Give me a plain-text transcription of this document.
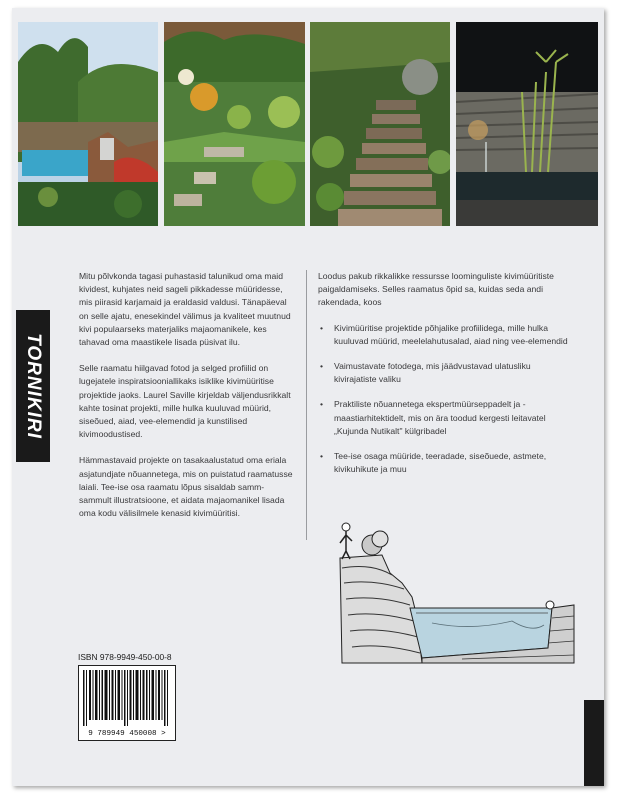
TORNIKIRI

Mitu põlvkonda tagasi puhastasid talunikud oma maid kividest, kuhjates neid sageli pikkadesse müüridesse, mis piirasid karjamaid ja eraldasid valdusi. Tänapäeval on selle ajatu, enesekindel välimus ja kvaliteet muutnud kivi populaarseks materjaliks majaomanikele, kes tahavad oma maastikele lisada püsivat ilu.

Selle raamatu hiilgavad fotod ja selged profiilid on lugejatele inspiratsiooniallikaks isiklike kivimüüritise projektide jaoks. Laurel Saville kirjeldab väljendusrikkalt kahte tosinat projekti, mille hulka kuuluvad müürid, siseõued, aiad, vee-elemendid ja kunstilised kivimoodustised.

Hämmastavaid projekte on tasakaalustatud oma eriala asjatundjate nõuannetega, mis on puistatud raamatusse laiali. Tee-ise osa raamatu lõpus sisaldab samm-sammult illustratsioone, et aidata majaomanikel lisada oma kodu välisilmele kenasid kivimüüritisi.

Loodus pakub rikkalikke ressursse loominguliste kivimüüritiste paigaldamiseks. Selles raamatus õpid sa, kuidas seda andi rakendada, koos

• Kivimüüritise projektide põhjalike profiilidega, mille hulka kuuluvad müürid, meelelahutusalad, aiad ning vee-elemendid
• Vaimustavate fotodega, mis jäädvustavad ulatusliku kivirajatiste valiku
• Praktiliste nõuannetega ekspertmüürseppadelt ja -maastiarhitektidelt, mis on ära toodud kergesti leitavatel „Kujunda Nutikalt" külgribadel
• Tee-ise osaga müüride, teeradade, siseõuede, astmete, kivikuhikute ja muu
ISBN 978-9949-450-00-8
9 789949 450008 >
